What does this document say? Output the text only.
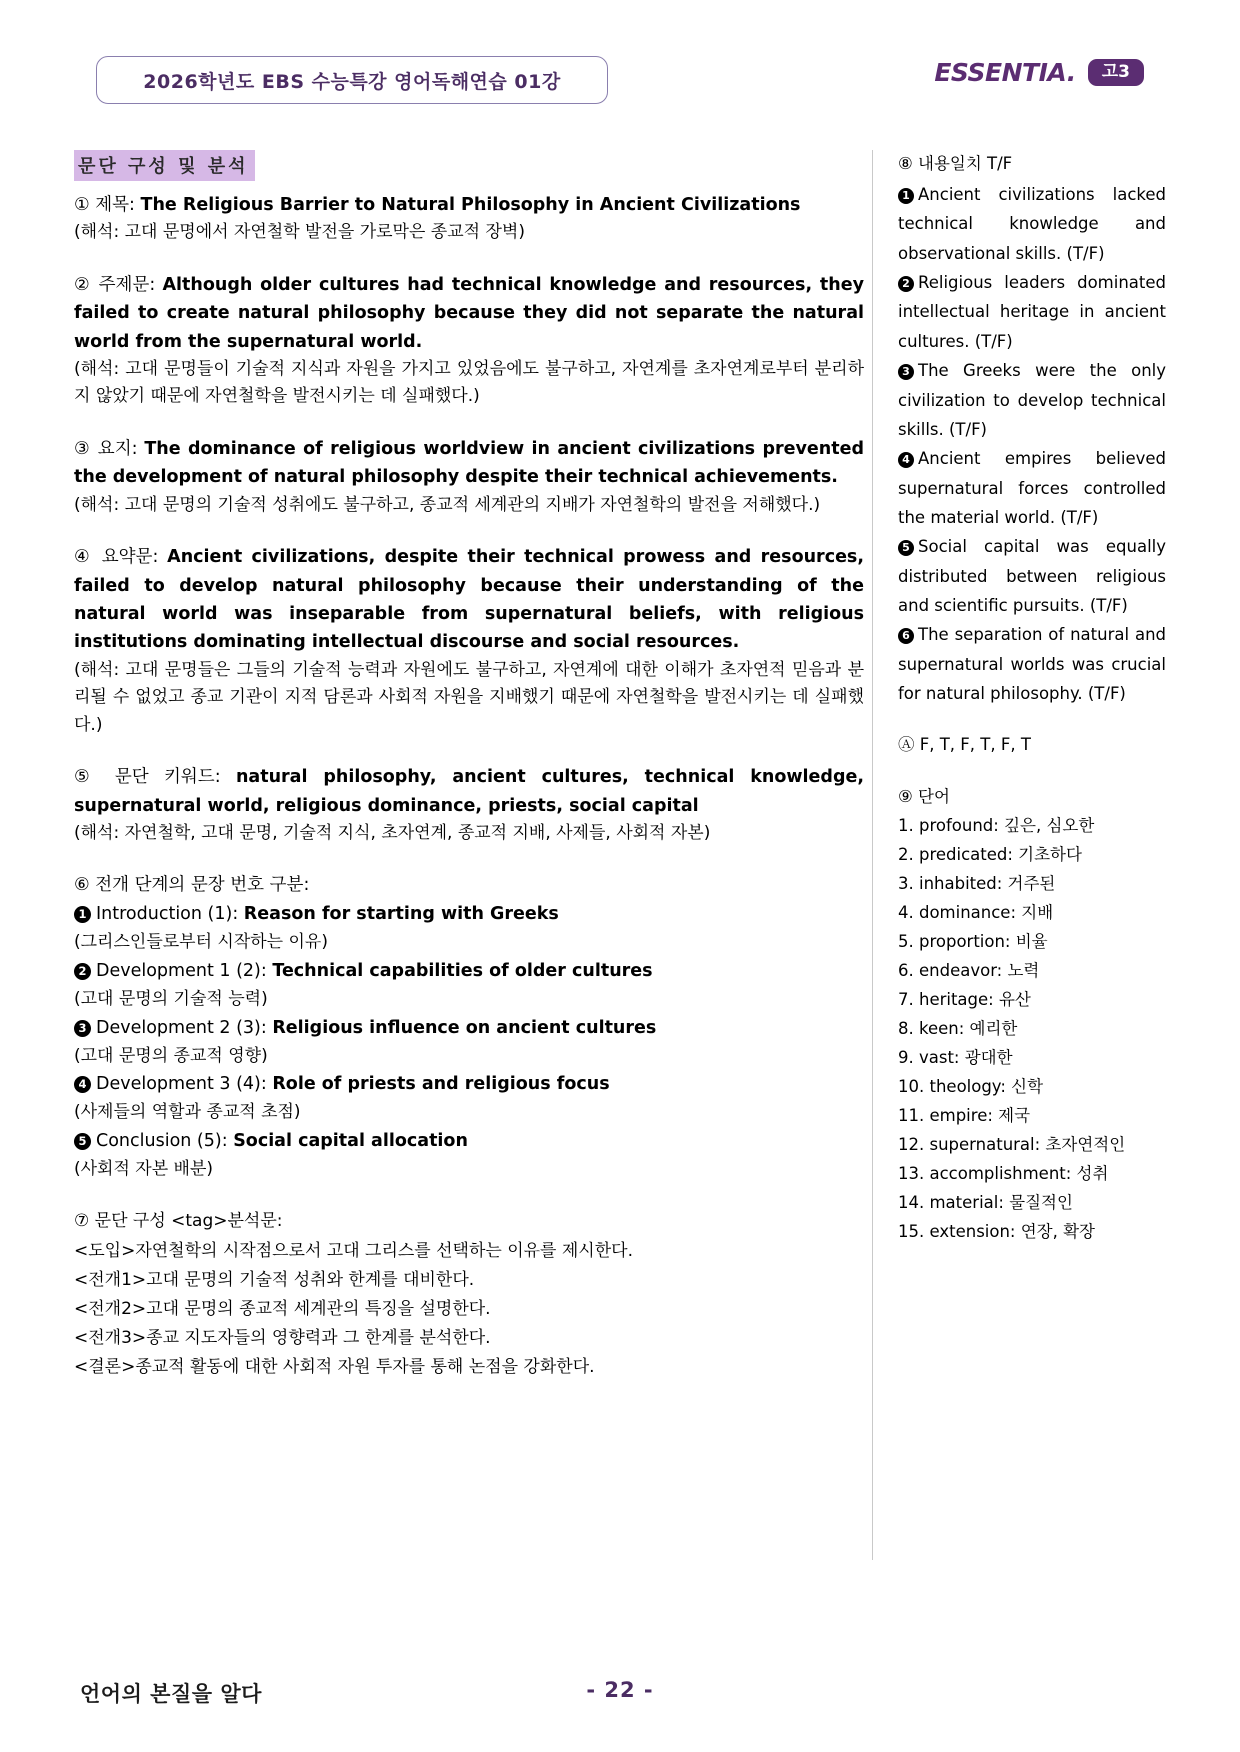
2026학년도 EBS 수능특강 영어독해연습 01강	ESSENTIA.	고3
문단 구성 및 분석

① 제목: The Religious Barrier to Natural Philosophy in Ancient Civilizations

(해석: 고대 문명에서 자연철학 발전을 가로막은 종교적 장벽)

② 주제문: Although older cultures had technical knowledge and resources, they failed to create natural philosophy because they did not separate the natural world from the supernatural world.

(해석: 고대 문명들이 기술적 지식과 자원을 가지고 있었음에도 불구하고, 자연계를 초자연계로부터 분리하지 않았기 때문에 자연철학을 발전시키는 데 실패했다.)

③ 요지: The dominance of religious worldview in ancient civilizations prevented the development of natural philosophy despite their technical achievements.

(해석: 고대 문명의 기술적 성취에도 불구하고, 종교적 세계관의 지배가 자연철학의 발전을 저해했다.)

④ 요약문: Ancient civilizations, despite their technical prowess and resources, failed to develop natural philosophy because their understanding of the natural world was inseparable from supernatural beliefs, with religious institutions dominating intellectual discourse and social resources.

(해석: 고대 문명들은 그들의 기술적 능력과 자원에도 불구하고, 자연계에 대한 이해가 초자연적 믿음과 분리될 수 없었고 종교 기관이 지적 담론과 사회적 자원을 지배했기 때문에 자연철학을 발전시키는 데 실패했다.)

⑤ 문단 키워드: natural philosophy, ancient cultures, technical knowledge, supernatural world, religious dominance, priests, social capital

(해석: 자연철학, 고대 문명, 기술적 지식, 초자연계, 종교적 지배, 사제들, 사회적 자본)

⑥ 전개 단계의 문장 번호 구분:

1 Introduction (1): Reason for starting with Greeks

(그리스인들로부터 시작하는 이유)

2 Development 1 (2): Technical capabilities of older cultures

(고대 문명의 기술적 능력)

3 Development 2 (3): Religious influence on ancient cultures

(고대 문명의 종교적 영향)

4 Development 3 (4): Role of priests and religious focus

(사제들의 역할과 종교적 초점)

5 Conclusion (5): Social capital allocation

(사회적 자본 배분)

⑦ 문단 구성 <tag>분석문:

<도입>자연철학의 시작점으로서 고대 그리스를 선택하는 이유를 제시한다.

<전개1>고대 문명의 기술적 성취와 한계를 대비한다.

<전개2>고대 문명의 종교적 세계관의 특징을 설명한다.

<전개3>종교 지도자들의 영향력과 그 한계를 분석한다.

<결론>종교적 활동에 대한 사회적 자원 투자를 통해 논점을 강화한다.

⑧ 내용일치 T/F

1 Ancient civilizations lacked technical knowledge and observational skills. (T/F)

2 Religious leaders dominated intellectual heritage in ancient cultures. (T/F)

3 The Greeks were the only civilization to develop technical skills. (T/F)

4 Ancient empires believed supernatural forces controlled the material world. (T/F)

5 Social capital was equally distributed between religious and scientific pursuits. (T/F)

6 The separation of natural and supernatural worlds was crucial for natural philosophy. (T/F)

Ⓐ F, T, F, T, F, T

⑨ 단어

1. profound: 깊은, 심오한

2. predicated: 기초하다

3. inhabited: 거주된

4. dominance: 지배

5. proportion: 비율

6. endeavor: 노력

7. heritage: 유산

8. keen: 예리한

9. vast: 광대한

10. theology: 신학

11. empire: 제국

12. supernatural: 초자연적인

13. accomplishment: 성취

14. material: 물질적인

15. extension: 연장, 확장

언어의 본질을 알다	- 22 -
